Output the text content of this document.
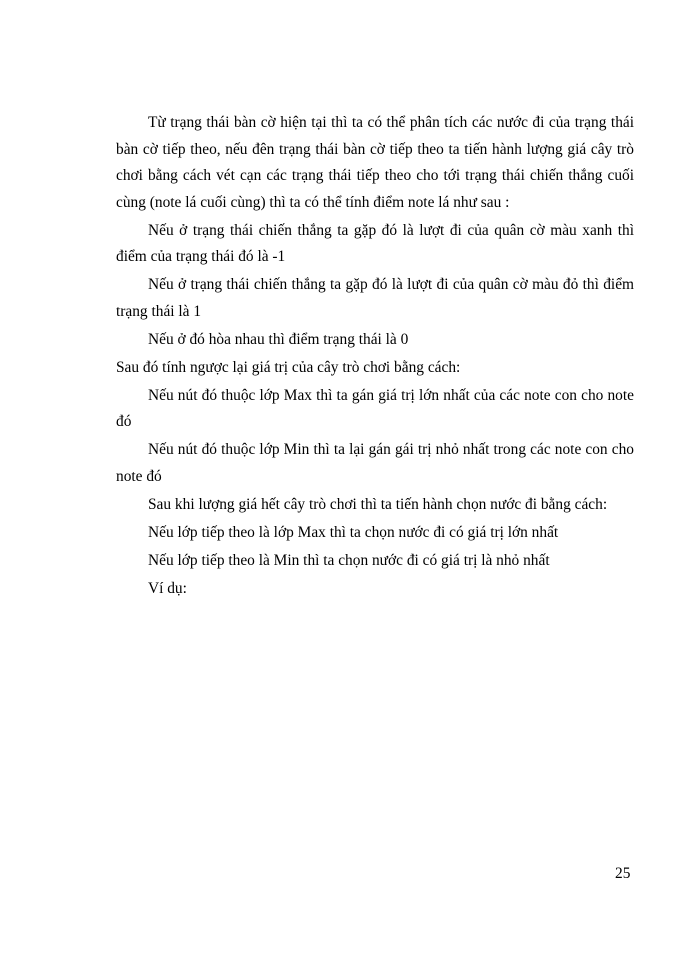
Từ trạng thái bàn cờ hiện tại thì ta có thể phân tích các nước đi của trạng thái bàn cờ tiếp theo, nếu đên trạng thái bàn cờ tiếp theo ta tiến hành lượng giá cây trò chơi bằng cách vét cạn các trạng thái tiếp theo cho tới trạng thái chiến thắng cuối cùng (note lá cuối cùng) thì ta có thể tính điểm note lá như sau :

Nếu ở trạng thái chiến thắng ta gặp đó là lượt đi của quân cờ màu xanh thì điểm của trạng thái đó là -1

Nếu ở trạng thái chiến thắng ta gặp đó là lượt đi của quân cờ màu đỏ thì điểm trạng thái là 1

Nếu ở đó hòa nhau thì điểm trạng thái là 0

Sau đó tính ngược lại giá trị của cây trò chơi bằng cách:

Nếu nút đó thuộc lớp Max thì ta gán giá trị lớn nhất của các note con cho note đó

Nếu nút đó thuộc lớp Min thì ta lại gán gái trị nhỏ nhất trong các note con cho note đó

Sau khi lượng giá hết cây trò chơi thì ta tiến hành chọn nước đi bằng cách:

Nếu lớp tiếp theo là lớp Max thì ta chọn nước đi có giá trị lớn nhất

Nếu lớp tiếp theo là Min thì ta chọn nước đi có giá trị là nhỏ nhất

Ví dụ:

25
